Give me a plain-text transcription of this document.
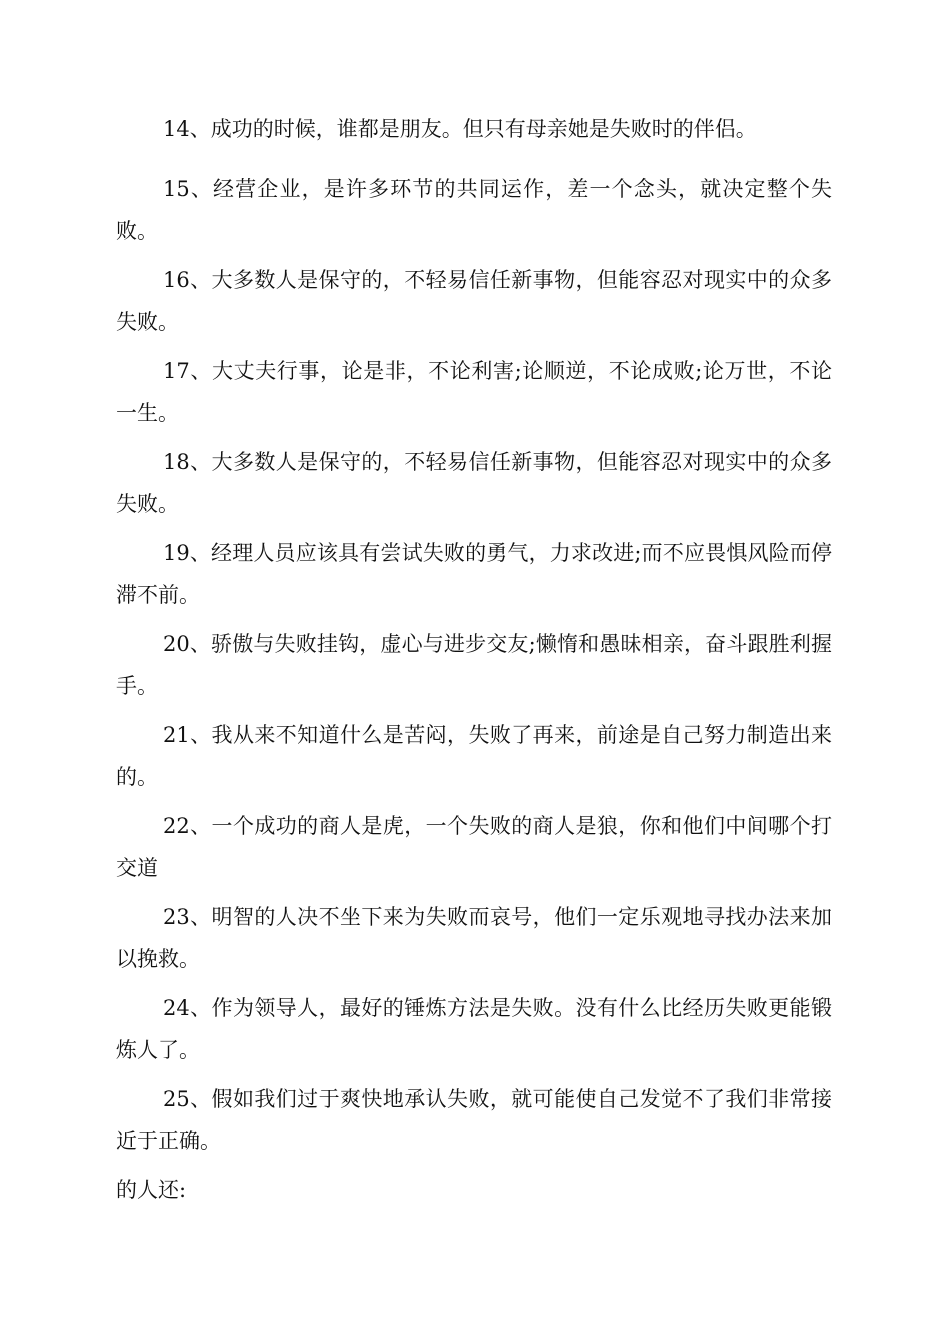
14、成功的时候，谁都是朋友。但只有母亲她是失败时的伴侣。

15、经营企业，是许多环节的共同运作，差一个念头，就决定整个失败。

16、大多数人是保守的，不轻易信任新事物，但能容忍对现实中的众多失败。

17、大丈夫行事，论是非，不论利害;论顺逆，不论成败;论万世，不论一生。

18、大多数人是保守的，不轻易信任新事物，但能容忍对现实中的众多失败。

19、经理人员应该具有尝试失败的勇气，力求改进;而不应畏惧风险而停滞不前。

20、骄傲与失败挂钩，虚心与进步交友;懒惰和愚昧相亲，奋斗跟胜利握手。

21、我从来不知道什么是苦闷，失败了再来，前途是自己努力制造出来的。

22、一个成功的商人是虎，一个失败的商人是狼，你和他们中间哪个打交道

23、明智的人决不坐下来为失败而哀号，他们一定乐观地寻找办法来加以挽救。

24、作为领导人，最好的锤炼方法是失败。没有什么比经历失败更能锻炼人了。

25、假如我们过于爽快地承认失败，就可能使自己发觉不了我们非常接近于正确。

的人还:
